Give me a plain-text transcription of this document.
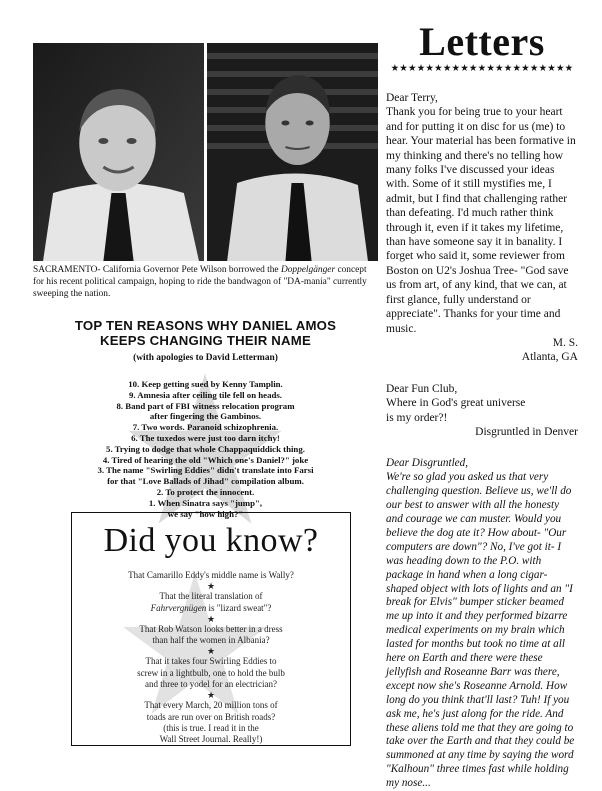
SACRAMENTO- California Governor Pete Wilson borrowed the Doppelgänger concept for his recent political campaign, hoping to ride the bandwagon of "DA-mania" currently sweeping the nation.
TOP TEN REASONS WHY DANIEL AMOS
KEEPS CHANGING THEIR NAME
(with apologies to David Letterman)
10. Keep getting sued by Kenny Tamplin.
9. Amnesia after ceiling tile fell on heads.
8. Band part of FBI witness relocation program
after fingering the Gambinos.
7. Two words. Paranoid schizophrenia.
6. The tuxedos were just too darn itchy!
5. Trying to dodge that whole Chappaquiddick thing.
4. Tired of hearing the old "Which one's Daniel?" joke
3. The name "Swirling Eddies" didn't translate into Farsi
for that "Love Ballads of Jihad" compilation album.
2. To protect the innocent.
1. When Sinatra says "jump",
we say "how high?"
Did you know?
That Camarillo Eddy's middle name is Wally?
★
That the literal translation of
Fahrvergnügen is "lizard sweat"?
★
That Rob Watson looks better in a dress
than half the women in Albania?
★
That it takes four Swirling Eddies to
screw in a lightbulb, one to hold the bulb
and three to yodel for an electrician?
★
That every March, 20 million tons of
toads are run over on British roads?
(this is true. I read it in the
Wall Street Journal. Really!)
Letters
★★★★★★★★★★★★★★★★★★★★★

Dear Terry,

Thank you for being true to your heart and for putting it on disc for us (me) to hear. Your material has been formative in my thinking and there's no telling how many folks I've discussed your ideas with. Some of it still mystifies me, I admit, but I find that challenging rather than defeating. I'd much rather think through it, even if it takes my lifetime, than have someone say it in banality. I forget who said it, some reviewer from Boston on U2's Joshua Tree- "God save us from art, of any kind, that we can, at first glance, fully understand or appreciate". Thanks for your time and music.

M. S.

Atlanta, GA

Dear Fun Club,

Where in God's great universe

is my order?!

Disgruntled in Denver

Dear Disgruntled,

We're so glad you asked us that very challenging question. Believe us, we'll do our best to answer with all the honesty and courage we can muster. Would you believe the dog ate it? How about- "Our computers are down"? No, I've got it- I was heading down to the P.O. with package in hand when a long cigar-shaped object with lots of lights and an "I break for Elvis" bumper sticker beamed me up into it and they performed bizarre medical experiments on my brain which lasted for months but took no time at all here on Earth and there were these jellyfish and Roseanne Barr was there, except now she's Roseanne Arnold. How long do you think that'll last? Tuh! If you ask me, he's just along for the ride. And these aliens told me that they are going to take over the Earth and that they could be summoned at any time by saying the word "Kalhoun" three times fast while holding my nose...
